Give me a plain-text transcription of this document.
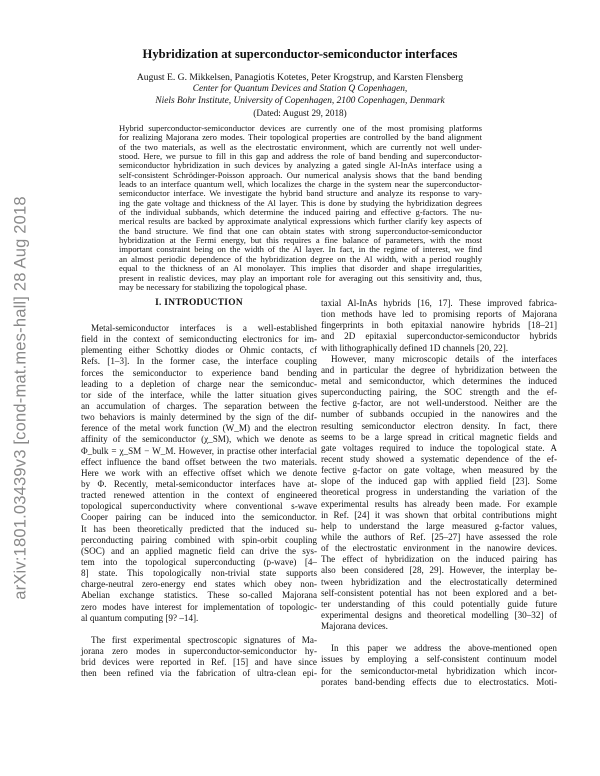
arXiv:1801.03439v3 [cond-mat.mes-hall] 28 Aug 2018
Hybridization at superconductor-semiconductor interfaces
August E. G. Mikkelsen, Panagiotis Kotetes, Peter Krogstrup, and Karsten Flensberg
Center for Quantum Devices and Station Q Copenhagen,
Niels Bohr Institute, University of Copenhagen, 2100 Copenhagen, Denmark
(Dated: August 29, 2018)
Hybrid superconductor-semiconductor devices are currently one of the most promising platforms
for realizing Majorana zero modes. Their topological properties are controlled by the band alignment
of the two materials, as well as the electrostatic environment, which are currently not well under-
stood. Here, we pursue to fill in this gap and address the role of band bending and superconductor-
semiconductor hybridization in such devices by analyzing a gated single Al-InAs interface using a
self-consistent Schrödinger-Poisson approach. Our numerical analysis shows that the band bending
leads to an interface quantum well, which localizes the charge in the system near the superconductor-
semiconductor interface. We investigate the hybrid band structure and analyze its response to vary-
ing the gate voltage and thickness of the Al layer. This is done by studying the hybridization degrees
of the individual subbands, which determine the induced pairing and effective g-factors. The nu-
merical results are backed by approximate analytical expressions which further clarify key aspects of
the band structure. We find that one can obtain states with strong superconductor-semiconductor
hybridization at the Fermi energy, but this requires a fine balance of parameters, with the most
important constraint being on the width of the Al layer. In fact, in the regime of interest, we find
an almost periodic dependence of the hybridization degree on the Al width, with a period roughly
equal to the thickness of an Al monolayer. This implies that disorder and shape irregularities,
present in realistic devices, may play an important role for averaging out this sensitivity and, thus,
may be necessary for stabilizing the topological phase.
I. INTRODUCTION
Metal-semiconductor interfaces is a well-established
field in the context of semiconducting electronics for im-
plementing either Schottky diodes or Ohmic contacts, cf
Refs. [1–3]. In the former case, the interface coupling
forces the semiconductor to experience band bending
leading to a depletion of charge near the semiconduc-
tor side of the interface, while the latter situation gives
an accumulation of charges. The separation between the
two behaviors is mainly determined by the sign of the dif-
ference of the metal work function (W_M) and the electron
affinity of the semiconductor (χ_SM), which we denote as
Φ_bulk = χ_SM − W_M. However, in practise other interfacial
effect influence the band offset between the two materials.
Here we work with an effective offset which we denote
by Φ. Recently, metal-semiconductor interfaces have at-
tracted renewed attention in the context of engineered
topological superconductivity where conventional s-wave
Cooper pairing can be induced into the semiconductor.
It has been theoretically predicted that the induced su-
perconducting pairing combined with spin-orbit coupling
(SOC) and an applied magnetic field can drive the sys-
tem into the topological superconducting (p-wave) [4–
8] state. This topologically non-trivial state supports
charge-neutral zero-energy end states which obey non-
Abelian exchange statistics. These so-called Majorana
zero modes have interest for implementation of topologic-
al quantum computing [9? –14].
The first experimental spectroscopic signatures of Ma-
jorana zero modes in superconductor-semiconductor hy-
brid devices were reported in Ref. [15] and have since
then been refined via the fabrication of ultra-clean epi-
taxial Al-InAs hybrids [16, 17]. These improved fabrica-
tion methods have led to promising reports of Majorana
fingerprints in both epitaxial nanowire hybrids [18–21]
and 2D epitaxial superconductor-semiconductor hybrids
with lithographically defined 1D channels [20, 22].
However, many microscopic details of the interfaces
and in particular the degree of hybridization between the
metal and semiconductor, which determines the induced
superconducting pairing, the SOC strength and the ef-
fective g-factor, are not well-understood. Neither are the
number of subbands occupied in the nanowires and the
resulting semiconductor electron density. In fact, there
seems to be a large spread in critical magnetic fields and
gate voltages required to induce the topological state. A
recent study showed a systematic dependence of the ef-
fective g-factor on gate voltage, when measured by the
slope of the induced gap with applied field [23]. Some
theoretical progress in understanding the variation of the
experimental results has already been made. For example
in Ref. [24] it was shown that orbital contributions might
help to understand the large measured g-factor values,
while the authors of Ref. [25–27] have assessed the role
of the electrostatic environment in the nanowire devices.
The effect of hybridization on the induced pairing has
also been considered [28, 29]. However, the interplay be-
tween hybridization and the electrostatically determined
self-consistent potential has not been explored and a bet-
ter understanding of this could potentially guide future
experimental designs and theoretical modelling [30–32] of
Majorana devices.
In this paper we address the above-mentioned open
issues by employing a self-consistent continuum model
for the semiconductor-metal hybridization which incor-
porates band-bending effects due to electrostatics. Moti-
